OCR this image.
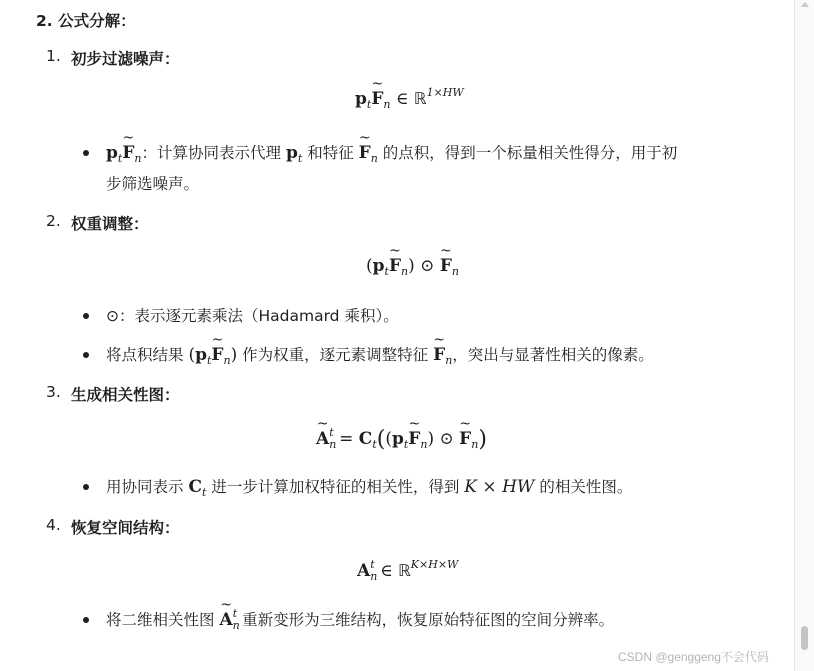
2. 公式分解：
1. 初步过滤噪声：
$p_t\sim$ $F_n$ ∈ ℝ$^{1\times HW}$
$p_t\sim$ $F_n$：计算协同表示代理 $p_t$ 和特征 ~ $F_n$ 的点积，得到一个标量相关性得分，用于初
步筛选噪声。
2. 权重调整：
($p_t\sim$ $F_n$) ⊙ ~ $F_n$
⊙：表示逐元素乘法（Hadamard 乘积）。
将点积结果 ($p_t\sim$ $F_n$) 作为权重，逐元素调整特征 ~ $F_n$，突出与显著性相关的像素。
3. 生成相关性图：
~ $A_n^t$ = $C_t((p_t\sim$ $F_n$) ⊙ ~ $F_n$)
用协同表示 $C_t$ 进一步计算加权特征的相关性，得到 K × HW 的相关性图。
4. 恢复空间结构：
$A_n^t$ ∈ ℝ$^{K\times H\times W}$
将二维相关性图 ~ $A_n^t$ 重新变形为三维结构，恢复原始特征图的空间分辨率。
CSDN @genggeng不会代码
